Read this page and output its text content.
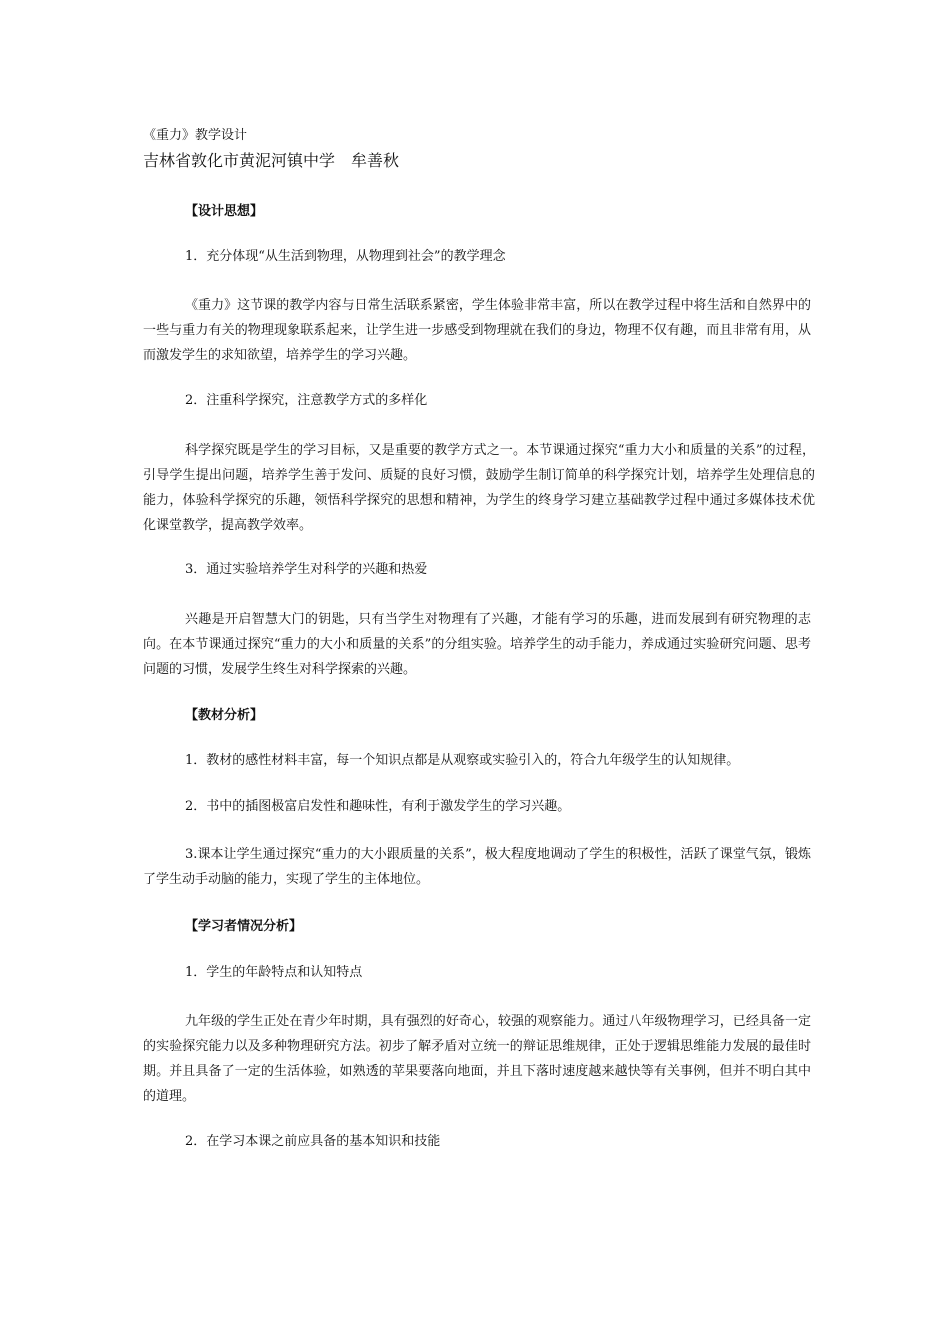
《重力》教学设计
吉林省敦化市黄泥河镇中学　牟善秋
【设计思想】
1．充分体现“从生活到物理，从物理到社会”的教学理念

《重力》这节课的教学内容与日常生活联系紧密，学生体验非常丰富，所以在教学过程中将生活和自然界中的一些与重力有关的物理现象联系起来，让学生进一步感受到物理就在我们的身边，物理不仅有趣，而且非常有用，从而激发学生的求知欲望，培养学生的学习兴趣。

2．注重科学探究，注意教学方式的多样化

科学探究既是学生的学习目标，又是重要的教学方式之一。本节课通过探究“重力大小和质量的关系”的过程，引导学生提出问题，培养学生善于发问、质疑的良好习惯，鼓励学生制订简单的科学探究计划，培养学生处理信息的能力，体验科学探究的乐趣，领悟科学探究的思想和精神，为学生的终身学习建立基础教学过程中通过多媒体技术优化课堂教学，提高教学效率。

3．通过实验培养学生对科学的兴趣和热爱

兴趣是开启智慧大门的钥匙，只有当学生对物理有了兴趣，才能有学习的乐趣，进而发展到有研究物理的志向。在本节课通过探究“重力的大小和质量的关系”的分组实验。培养学生的动手能力，养成通过实验研究问题、思考问题的习惯，发展学生终生对科学探索的兴趣。

【教材分析】
1．教材的感性材料丰富，每一个知识点都是从观察或实验引入的，符合九年级学生的认知规律。
2．书中的插图极富启发性和趣味性，有利于激发学生的学习兴趣。

3.课本让学生通过探究“重力的大小跟质量的关系”，极大程度地调动了学生的积极性，活跃了课堂气氛，锻炼了学生动手动脑的能力，实现了学生的主体地位。

【学习者情况分析】
1．学生的年龄特点和认知特点

九年级的学生正处在青少年时期，具有强烈的好奇心，较强的观察能力。通过八年级物理学习，已经具备一定的实验探究能力以及多种物理研究方法。初步了解矛盾对立统一的辩证思维规律，正处于逻辑思维能力发展的最佳时期。并且具备了一定的生活体验，如熟透的苹果要落向地面，并且下落时速度越来越快等有关事例，但并不明白其中的道理。

2．在学习本课之前应具备的基本知识和技能
